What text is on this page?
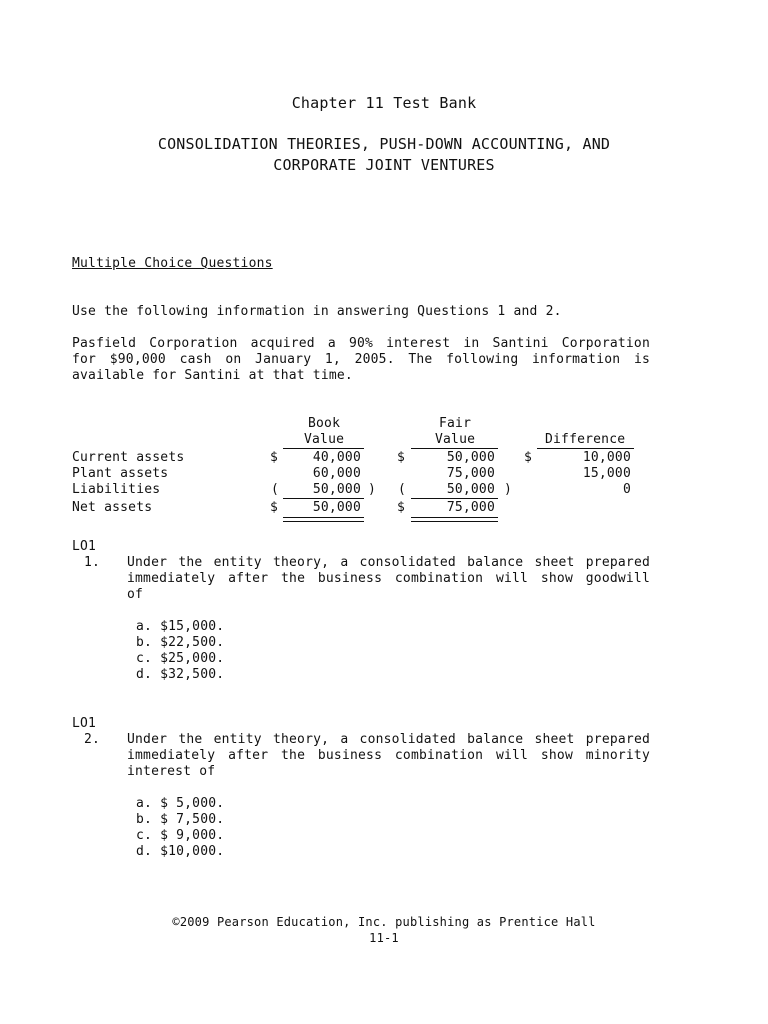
Chapter 11 Test Bank
CONSOLIDATION THEORIES, PUSH-DOWN ACCOUNTING, AND
CORPORATE JOINT VENTURES
Multiple Choice Questions
Use the following information in answering Questions 1 and 2.
Pasfield Corporation acquired a 90% interest in Santini Corporation
for $90,000 cash on January 1, 2005. The following information is
available for Santini at that time.
Book
Value
Fair
Value	Difference
Current assets	$	40,000	$	50,000 $	10,000
Plant assets	60,000	75,000	15,000
Liabilities	(	50,000 ) (	50,000 )	0
Net assets	$	50,000	$	75,000
LO1
1. Under the entity theory, a consolidated balance sheet prepared
immediately after the business combination will show goodwill
of
a. $15,000.
b. $22,500.
c. $25,000.
d. $32,500.
LO1
2. Under the entity theory, a consolidated balance sheet prepared
immediately after the business combination will show minority
interest of
a. $ 5,000.
b. $ 7,500.
c. $ 9,000.
d. $10,000.
©2009 Pearson Education, Inc. publishing as Prentice Hall
11-1
